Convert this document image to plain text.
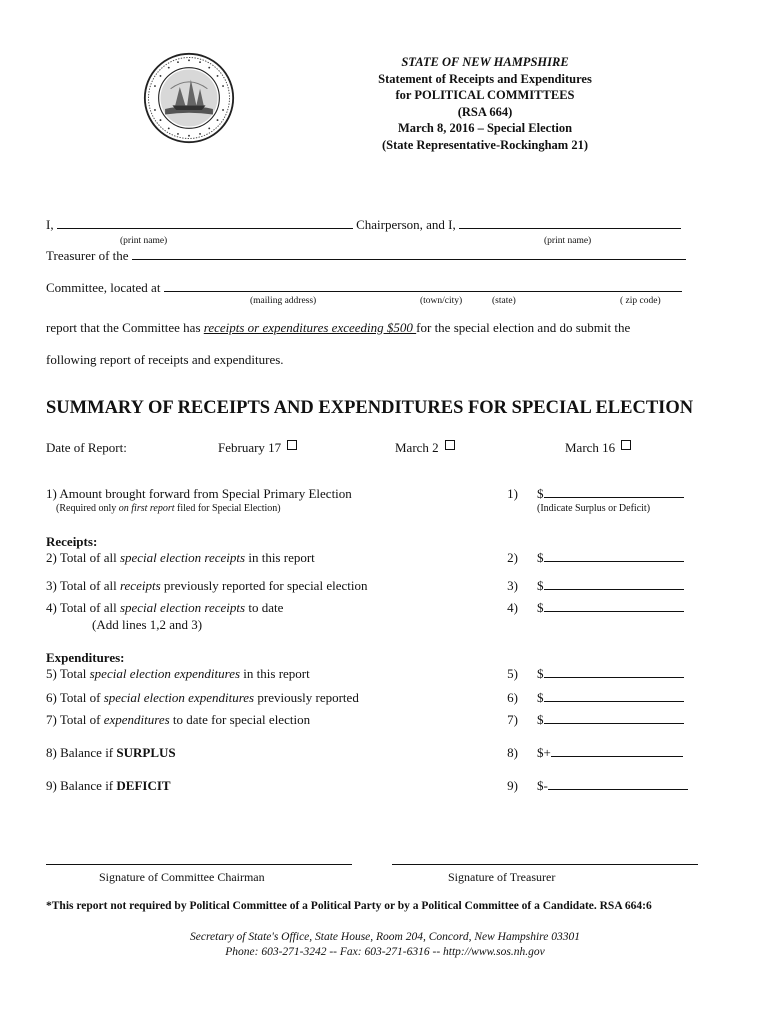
STATE OF NEW HAMPSHIRE
Statement of Receipts and Expenditures
for POLITICAL COMMITTEES
(RSA 664)
March 8, 2016 – Special Election
(State Representative-Rockingham 21)
I,	Chairperson, and I,
(print name)	(print name)
Treasurer of the
Committee, located at
(mailing address)	(town/city)	(state)	( zip code)
report that the Committee has receipts or expenditures exceeding $500 for the special election and do submit the
following report of receipts and expenditures.
SUMMARY OF RECEIPTS AND EXPENDITURES FOR SPECIAL ELECTION
Date of Report:	February 17	March 2	March 16
1) Amount brought forward from Special Primary Election
(Required only on first report filed for Special Election)
1) $
(Indicate Surplus or Deficit)
Receipts:
2) Total of all special election receipts in this report	2) $
3) Total of all receipts previously reported for special election	3) $
4) Total of all special election receipts to date
(Add lines 1,2 and 3)
4) $
Expenditures:
5) Total special election expenditures in this report	5) $
6) Total of special election expenditures previously reported	6) $
7) Total of expenditures to date for special election	7) $
8) Balance if SURPLUS	8) $+
9) Balance if DEFICIT	9) $-
Signature of Committee Chairman	Signature of Treasurer
*This report not required by Political Committee of a Political Party or by a Political Committee of a Candidate. RSA 664:6
Secretary of State's Office, State House, Room 204, Concord, New Hampshire 03301
Phone: 603-271-3242 -- Fax: 603-271-6316 -- http://www.sos.nh.gov
